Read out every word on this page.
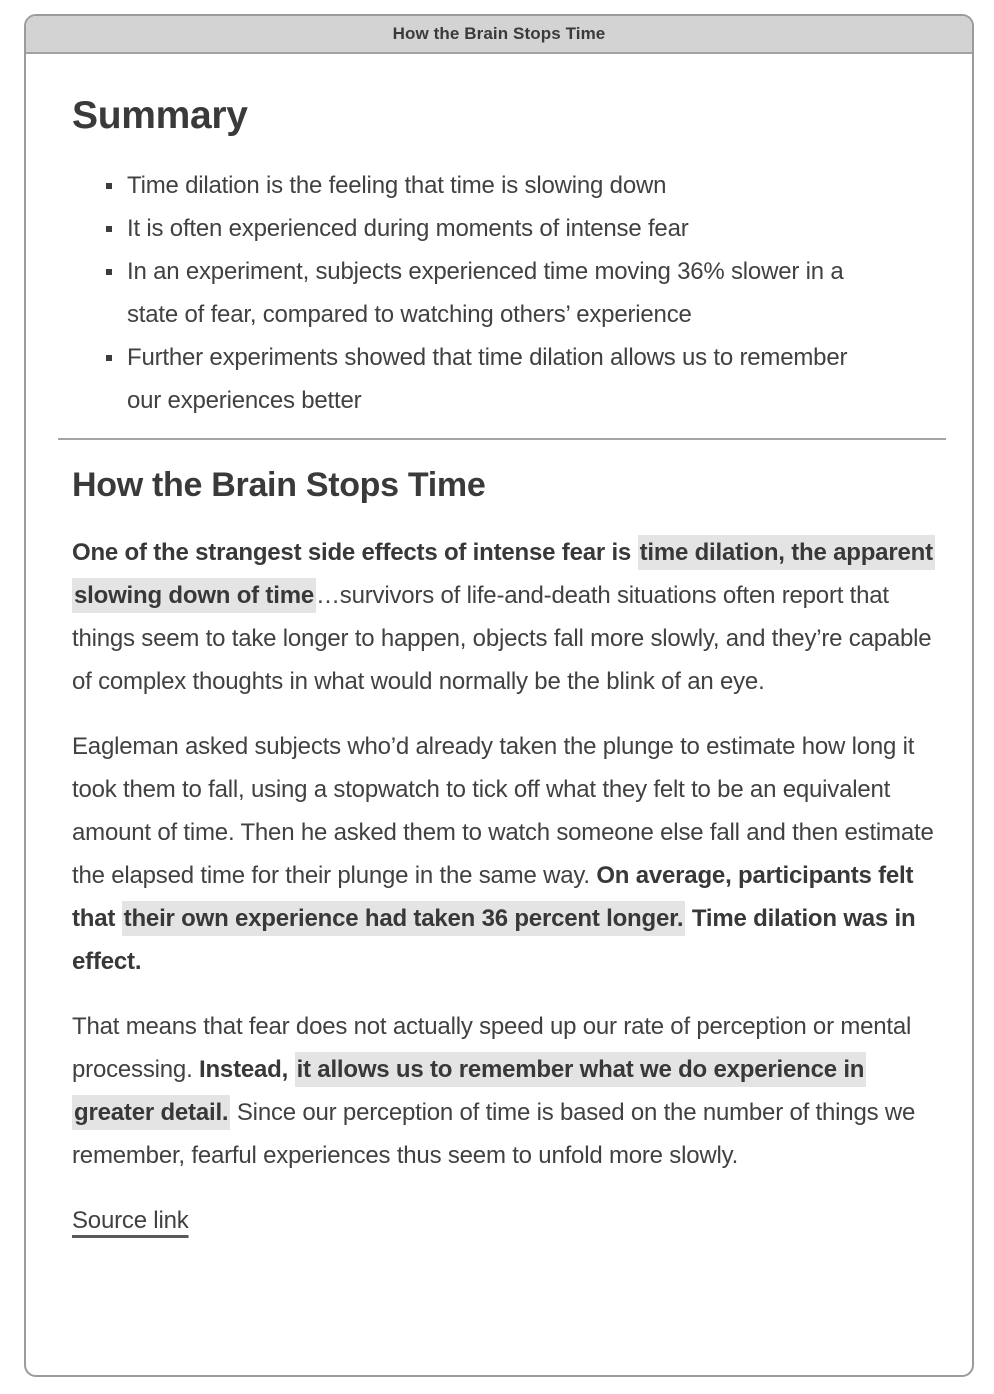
How the Brain Stops Time
Summary
Time dilation is the feeling that time is slowing down
It is often experienced during moments of intense fear
In an experiment, subjects experienced time moving 36% slower in a state of fear, compared to watching others’ experience
Further experiments showed that time dilation allows us to remember our experiences better
How the Brain Stops Time

One of the strangest side effects of intense fear is time dilation, the apparent slowing down of time…survivors of life-and-death situations often report that things seem to take longer to happen, objects fall more slowly, and they’re capable of complex thoughts in what would normally be the blink of an eye.

Eagleman asked subjects who’d already taken the plunge to estimate how long it took them to fall, using a stopwatch to tick off what they felt to be an equivalent amount of time. Then he asked them to watch someone else fall and then estimate the elapsed time for their plunge in the same way. On average, participants felt that their own experience had taken 36 percent longer. Time dilation was in effect.

That means that fear does not actually speed up our rate of perception or mental processing. Instead, it allows us to remember what we do experience in greater detail. Since our perception of time is based on the number of things we remember, fearful experiences thus seem to unfold more slowly.

Source link
